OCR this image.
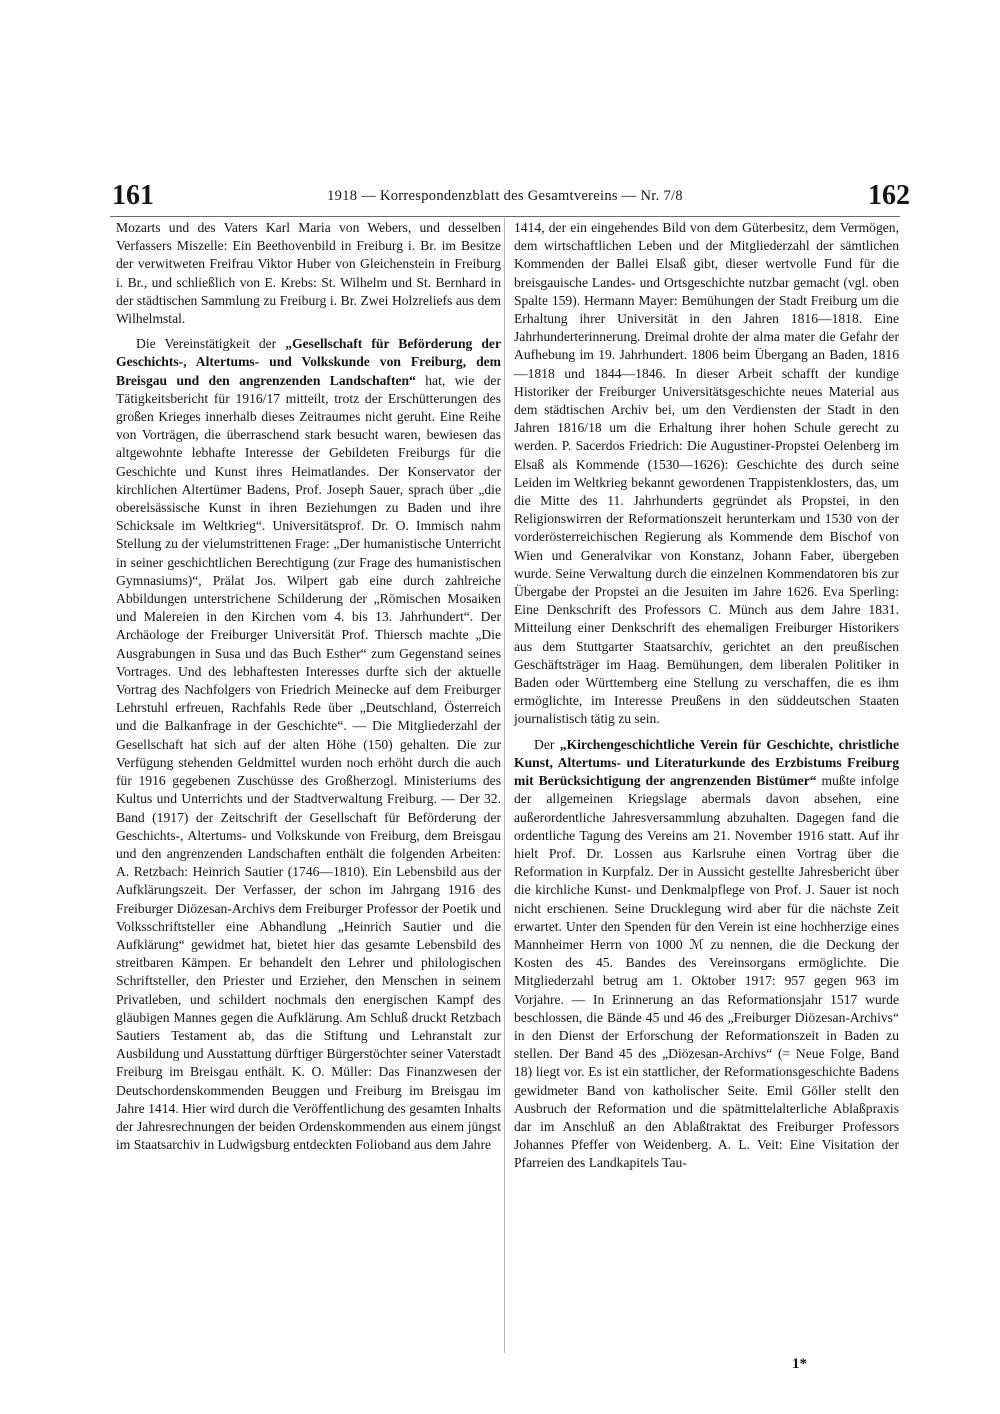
161	1918 — Korrespondenzblatt des Gesamtvereins — Nr. 7/8	162

Mozarts und des Vaters Karl Maria von Webers, und desselben Verfassers Miszelle: Ein Beethovenbild in Freiburg i. Br. im Besitze der verwitweten Freifrau Viktor Huber von Gleichenstein in Freiburg i. Br., und schließlich von E. Krebs: St. Wilhelm und St. Bernhard in der städtischen Sammlung zu Freiburg i. Br. Zwei Holzreliefs aus dem Wilhelmstal.

Die Vereinstätigkeit der „Gesellschaft für Beförderung der Geschichts-, Altertums- und Volkskunde von Freiburg, dem Breisgau und den angrenzenden Landschaften“ hat, wie der Tätigkeitsbericht für 1916/17 mitteilt, trotz der Erschütterungen des großen Krieges innerhalb dieses Zeitraumes nicht geruht. Eine Reihe von Vorträgen, die überraschend stark besucht waren, bewiesen das altgewohnte lebhafte Interesse der Gebildeten Freiburgs für die Geschichte und Kunst ihres Heimatlandes. Der Konservator der kirchlichen Altertümer Badens, Prof. Joseph Sauer, sprach über „die oberelsässische Kunst in ihren Beziehungen zu Baden und ihre Schicksale im Weltkrieg“. Universitätsprof. Dr. O. Immisch nahm Stellung zu der vielumstrittenen Frage: „Der humanistische Unterricht in seiner geschichtlichen Berechtigung (zur Frage des humanistischen Gymnasiums)“, Prälat Jos. Wilpert gab eine durch zahlreiche Abbildungen unterstrichene Schilderung der „Römischen Mosaiken und Malereien in den Kirchen vom 4. bis 13. Jahrhundert“. Der Archäologe der Freiburger Universität Prof. Thiersch machte „Die Ausgrabungen in Susa und das Buch Esther“ zum Gegenstand seines Vortrages. Und des lebhaftesten Interesses durfte sich der aktuelle Vortrag des Nachfolgers von Friedrich Meinecke auf dem Freiburger Lehrstuhl erfreuen, Rachfahls Rede über „Deutschland, Österreich und die Balkanfrage in der Geschichte“. — Die Mitgliederzahl der Gesellschaft hat sich auf der alten Höhe (150) gehalten. Die zur Verfügung stehenden Geldmittel wurden noch erhöht durch die auch für 1916 gegebenen Zuschüsse des Großherzogl. Ministeriums des Kultus und Unterrichts und der Stadtverwaltung Freiburg. — Der 32. Band (1917) der Zeitschrift der Gesellschaft für Beförderung der Geschichts-, Altertums- und Volkskunde von Freiburg, dem Breisgau und den angrenzenden Landschaften enthält die folgenden Arbeiten: A. Retzbach: Heinrich Sautier (1746—1810). Ein Lebensbild aus der Aufklärungszeit. Der Verfasser, der schon im Jahrgang 1916 des Freiburger Diözesan-Archivs dem Freiburger Professor der Poetik und Volksschriftsteller eine Abhandlung „Heinrich Sautier und die Aufklärung“ gewidmet hat, bietet hier das gesamte Lebensbild des streitbaren Kämpen. Er behandelt den Lehrer und philologischen Schriftsteller, den Priester und Erzieher, den Menschen in seinem Privatleben, und schildert nochmals den energischen Kampf des gläubigen Mannes gegen die Aufklärung. Am Schluß druckt Retzbach Sautiers Testament ab, das die Stiftung und Lehranstalt zur Ausbildung und Ausstattung dürftiger Bürgerstöchter seiner Vaterstadt Freiburg im Breisgau enthält. K. O. Müller: Das Finanzwesen der Deutschordenskommenden Beuggen und Freiburg im Breisgau im Jahre 1414. Hier wird durch die Veröffentlichung des gesamten Inhalts der Jahresrechnungen der beiden Ordenskommenden aus einem jüngst im Staatsarchiv in Ludwigsburg entdeckten Folioband aus dem Jahre

1414, der ein eingehendes Bild von dem Güterbesitz, dem Vermögen, dem wirtschaftlichen Leben und der Mitgliederzahl der sämtlichen Kommenden der Ballei Elsaß gibt, dieser wertvolle Fund für die breisgauische Landes- und Ortsgeschichte nutzbar gemacht (vgl. oben Spalte 159). Hermann Mayer: Bemühungen der Stadt Freiburg um die Erhaltung ihrer Universität in den Jahren 1816—1818. Eine Jahrhunderterinnerung. Dreimal drohte der alma mater die Gefahr der Aufhebung im 19. Jahrhundert. 1806 beim Übergang an Baden, 1816—1818 und 1844—1846. In dieser Arbeit schafft der kundige Historiker der Freiburger Universitätsgeschichte neues Material aus dem städtischen Archiv bei, um den Verdiensten der Stadt in den Jahren 1816/18 um die Erhaltung ihrer hohen Schule gerecht zu werden. P. Sacerdos Friedrich: Die Augustiner-Propstei Oelenberg im Elsaß als Kommende (1530—1626): Geschichte des durch seine Leiden im Weltkrieg bekannt gewordenen Trappistenklosters, das, um die Mitte des 11. Jahrhunderts gegründet als Propstei, in den Religionswirren der Reformationszeit herunterkam und 1530 von der vorderösterreichischen Regierung als Kommende dem Bischof von Wien und Generalvikar von Konstanz, Johann Faber, übergeben wurde. Seine Verwaltung durch die einzelnen Kommendatoren bis zur Übergabe der Propstei an die Jesuiten im Jahre 1626. Eva Sperling: Eine Denkschrift des Professors C. Münch aus dem Jahre 1831. Mitteilung einer Denkschrift des ehemaligen Freiburger Historikers aus dem Stuttgarter Staatsarchiv, gerichtet an den preußischen Geschäftsträger im Haag. Bemühungen, dem liberalen Politiker in Baden oder Württemberg eine Stellung zu verschaffen, die es ihm ermöglichte, im Interesse Preußens in den süddeutschen Staaten journalistisch tätig zu sein.

Der „Kirchengeschichtliche Verein für Geschichte, christliche Kunst, Altertums- und Literaturkunde des Erzbistums Freiburg mit Berücksichtigung der angrenzenden Bistümer“ mußte infolge der allgemeinen Kriegslage abermals davon absehen, eine außerordentliche Jahresversammlung abzuhalten. Dagegen fand die ordentliche Tagung des Vereins am 21. November 1916 statt. Auf ihr hielt Prof. Dr. Lossen aus Karlsruhe einen Vortrag über die Reformation in Kurpfalz. Der in Aussicht gestellte Jahresbericht über die kirchliche Kunst- und Denkmalpflege von Prof. J. Sauer ist noch nicht erschienen. Seine Drucklegung wird aber für die nächste Zeit erwartet. Unter den Spenden für den Verein ist eine hochherzige eines Mannheimer Herrn von 1000 ℳ zu nennen, die die Deckung der Kosten des 45. Bandes des Vereinsorgans ermöglichte. Die Mitgliederzahl betrug am 1. Oktober 1917: 957 gegen 963 im Vorjahre. — In Erinnerung an das Reformationsjahr 1517 wurde beschlossen, die Bände 45 und 46 des „Freiburger Diözesan-Archivs“ in den Dienst der Erforschung der Reformationszeit in Baden zu stellen. Der Band 45 des „Diözesan-Archivs“ (= Neue Folge, Band 18) liegt vor. Es ist ein stattlicher, der Reformationsgeschichte Badens gewidmeter Band von katholischer Seite. Emil Göller stellt den Ausbruch der Reformation und die spätmittelalterliche Ablaßpraxis dar im Anschluß an den Ablaßtraktat des Freiburger Professors Johannes Pfeffer von Weidenberg. A. L. Veit: Eine Visitation der Pfarreien des Landkapitels Tau-

1*
